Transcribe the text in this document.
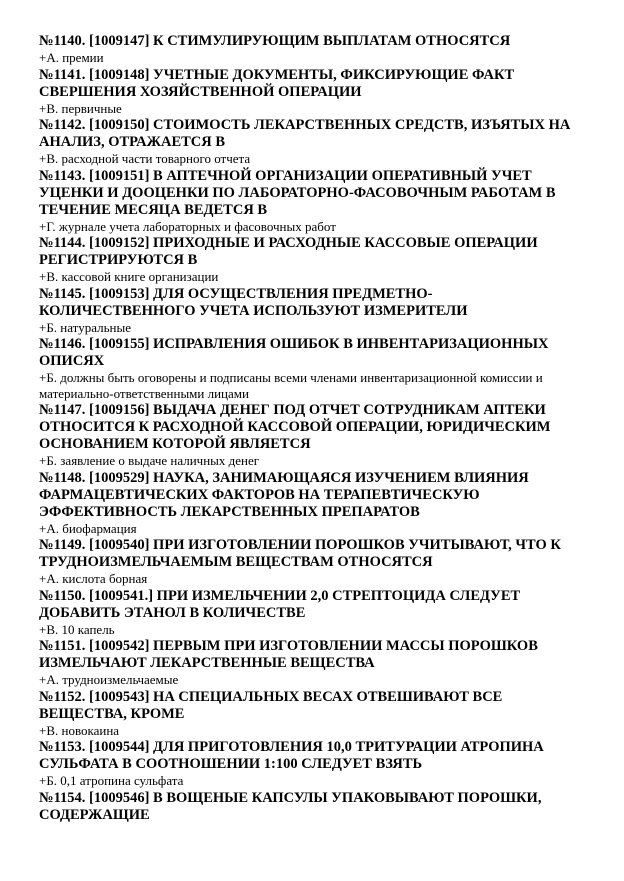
№1140. [1009147] К СТИМУЛИРУЮЩИМ ВЫПЛАТАМ ОТНОСЯТСЯ

+А. премии

№1141. [1009148] УЧЕТНЫЕ ДОКУМЕНТЫ, ФИКСИРУЮЩИЕ ФАКТ СВЕРШЕНИЯ ХОЗЯЙСТВЕННОЙ ОПЕРАЦИИ

+В. первичные

№1142. [1009150] СТОИМОСТЬ ЛЕКАРСТВЕННЫХ СРЕДСТВ, ИЗЪЯТЫХ НА АНАЛИЗ, ОТРАЖАЕТСЯ В

+В. расходной части товарного отчета

№1143. [1009151] В АПТЕЧНОЙ ОРГАНИЗАЦИИ ОПЕРАТИВНЫЙ УЧЕТ УЦЕНКИ И ДООЦЕНКИ ПО ЛАБОРАТОРНО-ФАСОВОЧНЫМ РАБОТАМ В ТЕЧЕНИЕ МЕСЯЦА ВЕДЕТСЯ В

+Г. журнале учета лабораторных и фасовочных работ

№1144. [1009152] ПРИХОДНЫЕ И РАСХОДНЫЕ КАССОВЫЕ ОПЕРАЦИИ РЕГИСТРИРУЮТСЯ В

+В. кассовой книге организации

№1145. [1009153] ДЛЯ ОСУЩЕСТВЛЕНИЯ ПРЕДМЕТНО-КОЛИЧЕСТВЕННОГО УЧЕТА ИСПОЛЬЗУЮТ ИЗМЕРИТЕЛИ

+Б. натуральные

№1146. [1009155] ИСПРАВЛЕНИЯ ОШИБОК В ИНВЕНТАРИЗАЦИОННЫХ ОПИСЯХ

+Б. должны быть оговорены и подписаны всеми членами инвентаризационной комиссии и материально-ответственными лицами

№1147. [1009156] ВЫДАЧА ДЕНЕГ ПОД ОТЧЕТ СОТРУДНИКАМ АПТЕКИ ОТНОСИТСЯ К РАСХОДНОЙ КАССОВОЙ ОПЕРАЦИИ, ЮРИДИЧЕСКИМ ОСНОВАНИЕМ КОТОРОЙ ЯВЛЯЕТСЯ

+Б. заявление о выдаче наличных денег

№1148. [1009529] НАУКА, ЗАНИМАЮЩАЯСЯ ИЗУЧЕНИЕМ ВЛИЯНИЯ ФАРМАЦЕВТИЧЕСКИХ ФАКТОРОВ НА ТЕРАПЕВТИЧЕСКУЮ ЭФФЕКТИВНОСТЬ ЛЕКАРСТВЕННЫХ ПРЕПАРАТОВ

+А. биофармация

№1149. [1009540] ПРИ ИЗГОТОВЛЕНИИ ПОРОШКОВ УЧИТЫВАЮТ, ЧТО К ТРУДНОИЗМЕЛЬЧАЕМЫМ ВЕЩЕСТВАМ ОТНОСЯТСЯ

+А. кислота борная

№1150. [1009541.] ПРИ ИЗМЕЛЬЧЕНИИ 2,0 СТРЕПТОЦИДА СЛЕДУЕТ ДОБАВИТЬ ЭТАНОЛ В КОЛИЧЕСТВЕ

+В. 10 капель

№1151. [1009542] ПЕРВЫМ ПРИ ИЗГОТОВЛЕНИИ МАССЫ ПОРОШКОВ ИЗМЕЛЬЧАЮТ ЛЕКАРСТВЕННЫЕ ВЕЩЕСТВА

+А. трудноизмельчаемые

№1152. [1009543] НА СПЕЦИАЛЬНЫХ ВЕСАХ ОТВЕШИВАЮТ ВСЕ ВЕЩЕСТВА, КРОМЕ

+В. новокаина

№1153. [1009544] ДЛЯ ПРИГОТОВЛЕНИЯ 10,0 ТРИТУРАЦИИ АТРОПИНА СУЛЬФАТА В СООТНОШЕНИИ 1:100 СЛЕДУЕТ ВЗЯТЬ

+Б. 0,1 атропина сульфата

№1154. [1009546] В ВОЩЕНЫЕ КАПСУЛЫ УПАКОВЫВАЮТ ПОРОШКИ, СОДЕРЖАЩИЕ
